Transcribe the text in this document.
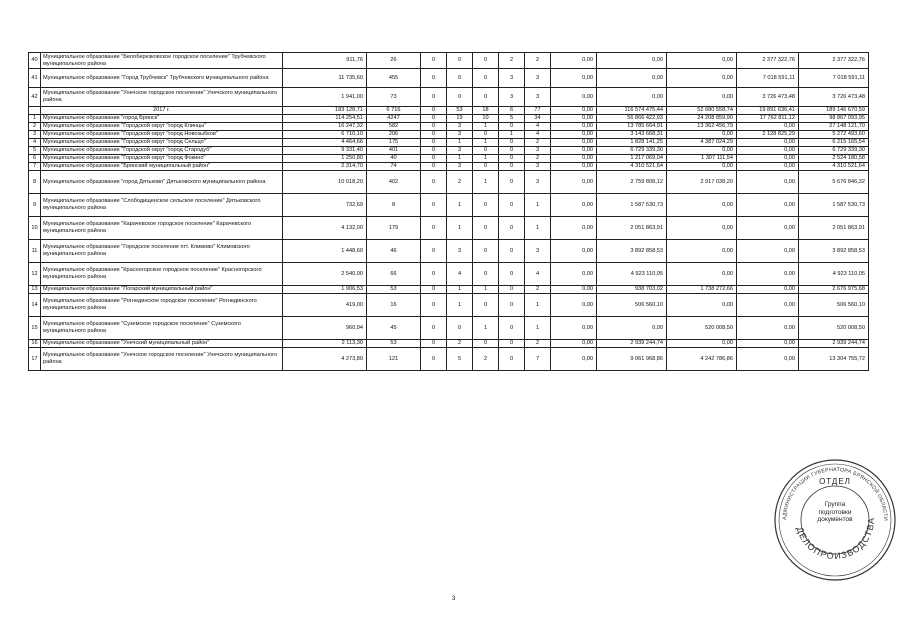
40	Муниципальное образование "Белоберезковское городское поселение" Трубчевского муниципального района	911,76	26	0	0	0	2	2	0,00	0,00	0,00	2 377 322,76	2 377 322,76
41	Муниципальное образование "Город Трубчевск" Трубчевского муниципального района	11 735,60	455	0	0	0	3	3	0,00	0,00	0,00	7 018 591,11	7 018 591,11
42	Муниципальное образование "Унечское городское поселение" Унечского муниципального района	1 941,00	73	0	0	0	3	3	0,00	0,00	0,00	3 726 473,48	3 726 473,48
	2017 г.	183 128,71	6 716	0	53	18	6	77	0,00	116 574 475,44	52 680 558,74	19 891 636,41	189 146 670,59
1	Муниципальное образование "город Брянск"	114 254,51	4247	0	19	10	5	34	0,00	56 866 422,93	24 208 859,90	17 762 811,12	98 867 093,95
2	Муниципальное образование "Городской округ "город Клинцы"	16 247,32	582	0	3	1	0	4	0,00	13 785 664,91	13 362 456,79	0,00	27 148 121,70
3	Муниципальное образование "Городской округ "город Новозыбков"	6 710,10	206	0	3	0	1	4	0,00	3 143 668,31	0,00	2 128 825,29	5 272 493,60
4	Муниципальное образование "Городской округ "город Сельцо"	4 464,66	175	0	1	1	0	2	0,00	1 828 141,25	4 387 024,29	0,00	6 215 165,54
5	Муниципальное образование "Городской округ "город Стародуб"	9 331,40	401	0	3	0	0	3	0,00	6 729 339,30	0,00	0,00	6 729 339,30
6	Муниципальное образование "Городской округ "город Фокино"	1 250,80	40	0	1	1	0	2	0,00	1 217 069,04	1 307 111,54	0,00	2 524 180,58
7	Муниципальное образование "Брянский муниципальный район"	2 314,70	74	0	3	0	0	3	0,00	4 310 521,64	0,00	0,00	4 310 521,64
8	Муниципальное образование "город Дятьково" Дятьковского муниципального района	10 018,20	402	0	2	1	0	3	0,00	2 759 808,12	2 917 038,20	0,00	5 676 846,32
9	Муниципальное образование "Слободищенское сельское поселение" Дятьковского муниципального района	732,69	8	0	1	0	0	1	0,00	1 587 530,73	0,00	0,00	1 587 530,73
10	Муниципальное образование "Карачевское городское поселение" Карачевского муниципального района	4 132,00	179	0	1	0	0	1	0,00	2 051 863,91	0,00	0,00	2 051 863,91
11	Муниципальное образование "Городское поселение пгт. Климово" Климовского муниципального района	1 448,60	46	0	3	0	0	3	0,00	3 892 858,53	0,00	0,00	3 892 858,53
12	Муниципальное образование "Красногорское городское поселение" Красногорского муниципального района	2 540,00	66	0	4	0	0	4	0,00	4 923 110,05	0,00	0,00	4 923 110,05
13	Муниципальное образование "Погарский муниципальный район"	1 906,53	53	0	1	1	0	2	0,00	938 703,02	1 738 272,66	0,00	2 676 975,68
14	Муниципальное образование "Рогнединское городское поселение" Рогнединского муниципального района	419,00	16	0	1	0	0	1	0,00	506 560,10	0,00	0,00	506 560,10
15	Муниципальное образование "Суземское городское поселение" Суземского муниципального района	960,94	45	0	0	1	0	1	0,00	0,00	520 008,50	0,00	520 008,50
16	Муниципальное образование "Унечский муниципальный район"	2 113,30	53	0	2	0	0	2	0,00	2 939 244,74	0,00	0,00	2 939 244,74
17	Муниципальное образование "Унечское городское поселение" Унечского муниципального района	4 273,80	121	0	5	2	0	7	0,00	9 061 968,86	4 242 786,86	0,00	13 304 755,72
3
АДМИНИСТРАЦИИ ГУБЕРНАТОРА БРЯНСКОЙ ОБЛАСТИ
ДЕЛОПРОИЗВОДСТВА
ОТДЕЛ
Группа
подготовки
документов
